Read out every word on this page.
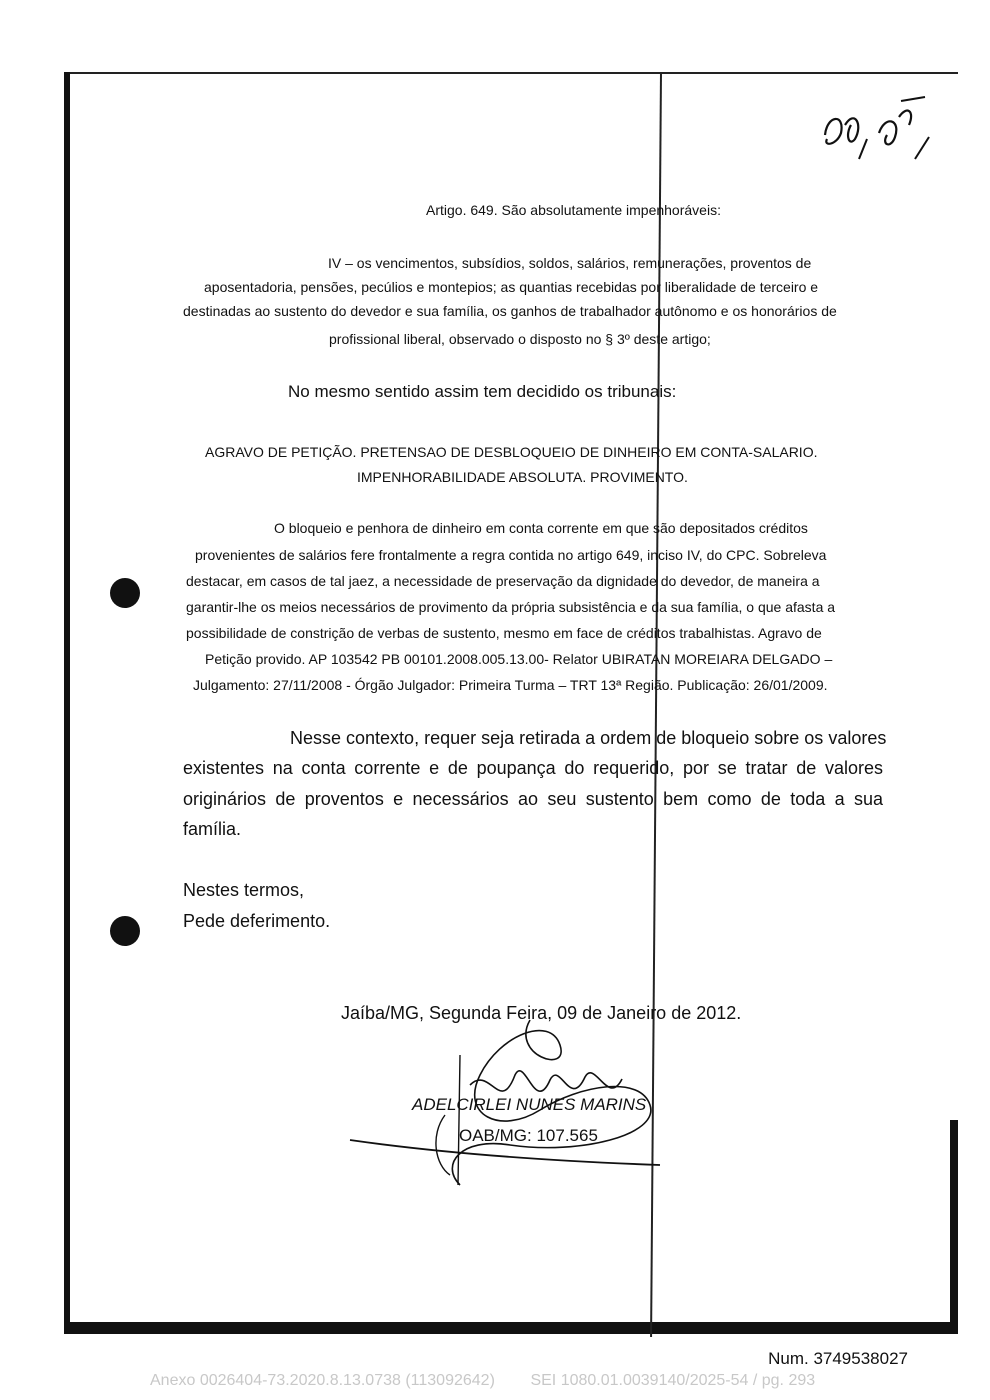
Artigo. 649. São absolutamente impenhoráveis:
IV – os vencimentos, subsídios, soldos, salários, remunerações, proventos de
aposentadoria, pensões, pecúlios e montepios; as quantias recebidas por liberalidade de terceiro e
destinadas ao sustento do devedor e sua família, os ganhos de trabalhador autônomo e os honorários de
profissional liberal, observado o disposto no § 3º deste artigo;
No mesmo sentido assim tem decidido os tribunais:
AGRAVO DE PETIÇÃO. PRETENSAO DE DESBLOQUEIO DE DINHEIRO EM CONTA-SALARIO.
IMPENHORABILIDADE ABSOLUTA. PROVIMENTO.
O bloqueio e penhora de dinheiro em conta corrente em que são depositados créditos
provenientes de salários fere frontalmente a regra contida no artigo 649, inciso IV, do CPC. Sobreleva
destacar, em casos de tal jaez, a necessidade de preservação da dignidade do devedor, de maneira a
garantir-lhe os meios necessários de provimento da própria subsistência e da sua família, o que afasta a
possibilidade de constrição de verbas de sustento, mesmo em face de créditos trabalhistas. Agravo de
Petição provido. AP 103542 PB 00101.2008.005.13.00- Relator UBIRATAN MOREIARA DELGADO –
Julgamento: 27/11/2008 - Órgão Julgador: Primeira Turma – TRT 13ª Região. Publicação: 26/01/2009.
Nesse contexto, requer seja retirada a ordem de bloqueio sobre os valores
existentes na conta corrente e de poupança do requerido, por se tratar de valores
originários de proventos e necessários ao seu sustento bem como de toda a sua
família.
Nestes termos,
Pede deferimento.
Jaíba/MG, Segunda Feira, 09 de Janeiro de 2012.
ADELCIRLEI NUNES MARINS
OAB/MG: 107.565
Num. 3749538027
Anexo 0026404-73.2020.8.13.0738 (113092642)        SEI 1080.01.0039140/2025-54 / pg. 293
